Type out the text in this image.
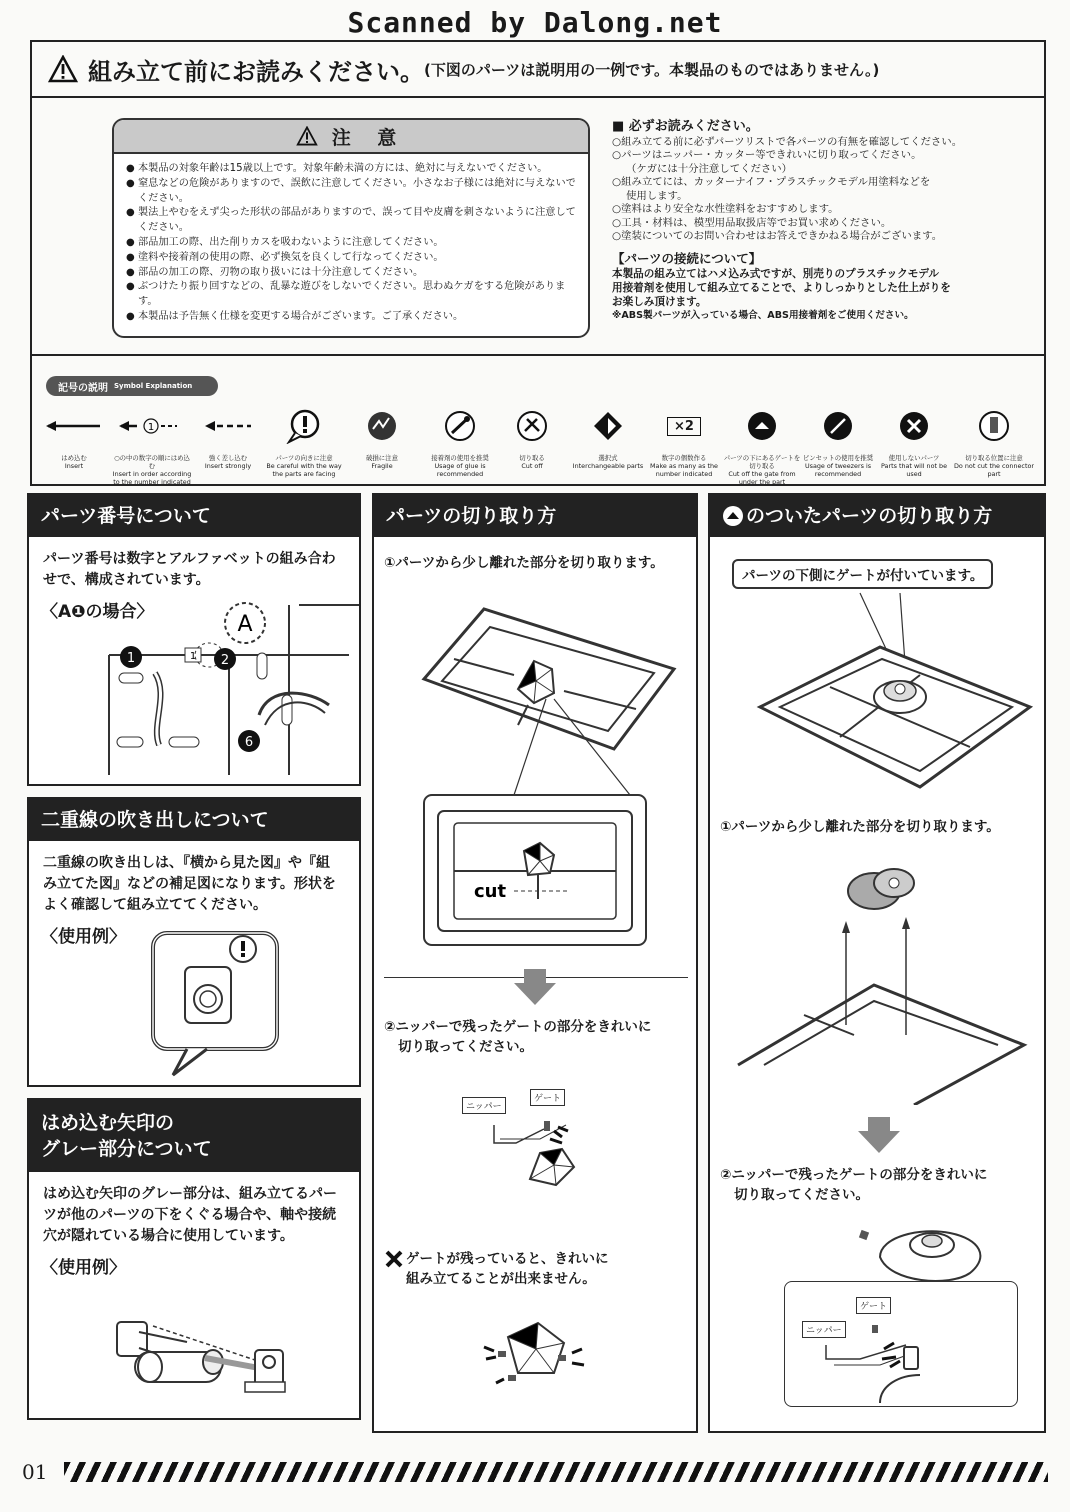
Scanned by Dalong.net
組み立て前にお読みください。 (下図のパーツは説明用の一例です。本製品のものではありません。)
注 意
● 本製品の対象年齢は15歳以上です。対象年齢未満の方には、絶対に与えないでください。
● 窒息などの危険がありますので、誤飲に注意してください。小さなお子様には絶対に与えないでください。
● 製法上やむをえず尖った形状の部品がありますので、誤って目や皮膚を刺さないように注意してください。
● 部品加工の際、出た削りカスを吸わないように注意してください。
● 塗料や接着剤の使用の際、必ず換気を良くして行なってください。
● 部品の加工の際、刃物の取り扱いには十分注意してください。
● ぶつけたり振り回すなどの、乱暴な遊びをしないでください。思わぬケガをする危険があります。
● 本製品は予告無く仕様を変更する場合がございます。ご了承ください。
■ 必ずお読みください。
○組み立てる前に必ずパーツリストで各パーツの有無を確認してください。
○パーツはニッパー・カッター等できれいに切り取ってください。
（ケガには十分注意してください）
○組み立てには、カッターナイフ・プラスチックモデル用塗料などを
使用します。
○塗料はより安全な水性塗料をおすすめします。
○工具・材料は、模型用品取扱店等でお買い求めください。
○塗装についてのお問い合わせはお答えできかねる場合がございます。
【パーツの接続について】
本製品の組み立てはハメ込み式ですが、別売りのプラスチックモデル
用接着剤を使用して組み立てることで、よりしっかりとした仕上がりを
お楽しみ頂けます。
※ABS製パーツが入っている場合、ABS用接着剤をご使用ください。
記号の説明 Symbol Explanation
はめ込む
Insert
1
○の中の数字の順にはめ込む
Insert in order according to the number indicated
強く差し込む
Insert strongly
パーツの向きに注意
Be careful with the way the parts are facing
破損に注意
Fragile
接着剤の使用を推奨
Usage of glue is recommended
切り取る
Cut off
選択式
Interchangeable parts
×2
数字の個数作る
Make as many as the number indicated
パーツの下にあるゲートを切り取る
Cut off the gate from under the part
ピンセットの使用を推奨
Usage of tweezers is recommended
使用しないパーツ
Parts that will not be used
切り取る位置に注意
Do not cut the connector part
パーツ番号について
パーツ番号は数字とアルファベットの組み合わせで、構成されています。
〈A❶の場合〉	A
1
1	2
6
二重線の吹き出しについて
二重線の吹き出しは、『横から見た図』や『組み立てた図』などの補足図になります。形状をよく確認して組み立ててください。
〈使用例〉
はめ込む矢印の
グレー部分について
はめ込む矢印のグレー部分は、組み立てるパーツが他のパーツの下をくぐる場合や、軸や接続穴が隠れている場合に使用しています。
〈使用例〉
パーツの切り取り方
①パーツから少し離れた部分を切り取ります。
cut
②ニッパーで残ったゲートの部分をきれいに
切り取ってください。
ニッパー
ゲート
ゲートが残っていると、きれいに
組み立てることが出来ません。
のついたパーツの切り取り方
パーツの下側にゲートが付いています。
①パーツから少し離れた部分を切り取ります。
②ニッパーで残ったゲートの部分をきれいに
切り取ってください。
ゲート
ニッパー
01
